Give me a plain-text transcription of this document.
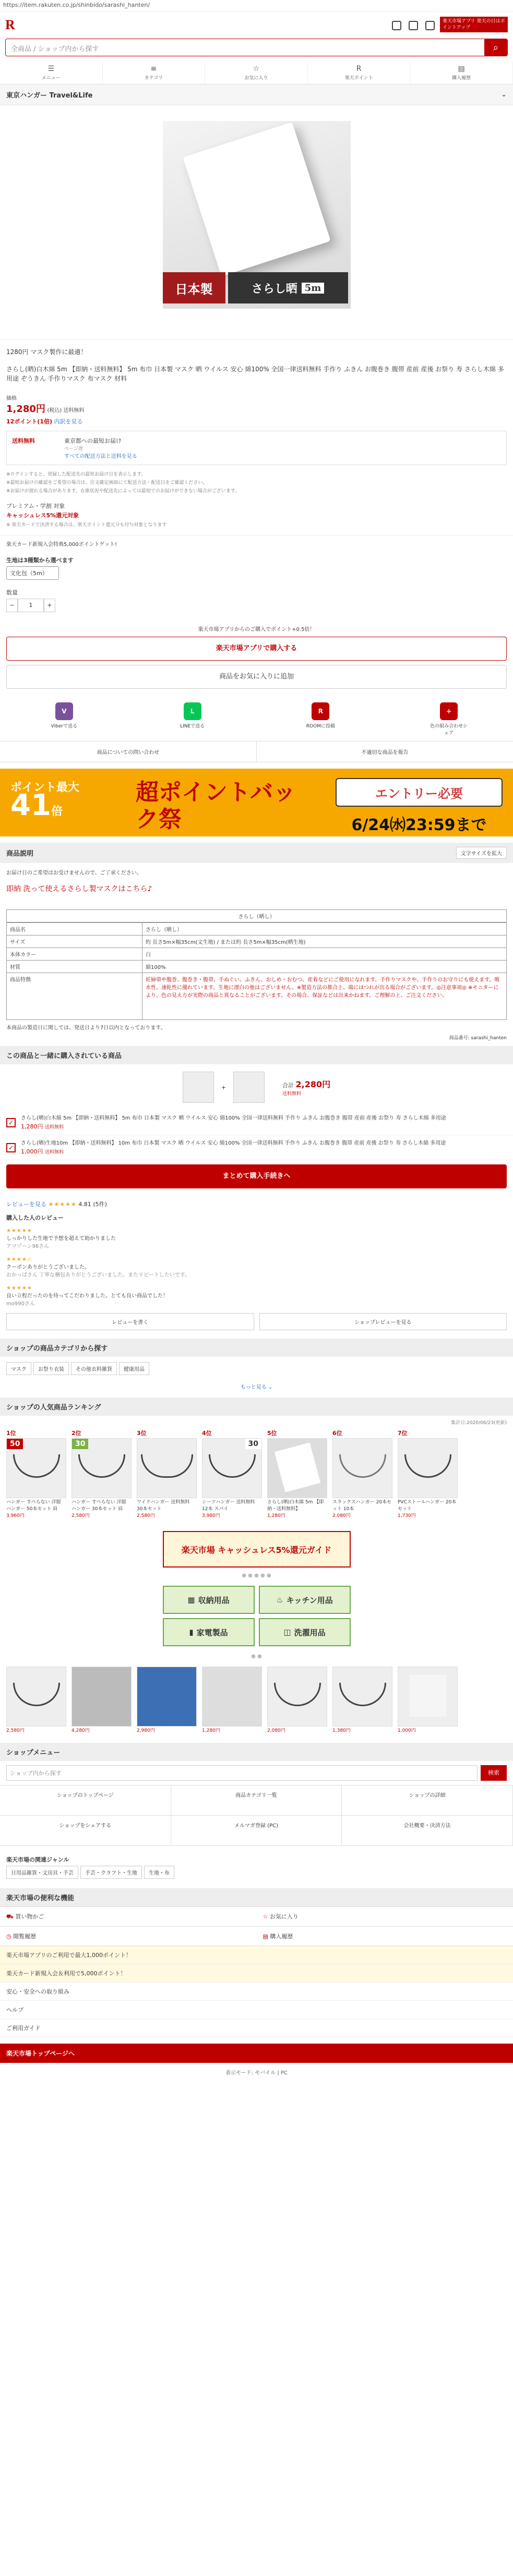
https://item.rakuten.co.jp/shinbido/sarashi_hanten/
R	楽天市場アプリ 楽天の日はポイントアップ
全商品 / ショップ内から探す	⌕
☰
メニュー
≡
カテゴリ
☆
お気に入り
R
楽天ポイント
▤
購入履歴
東京ハンガー Travel&Life	⌄
日本製	さらし晒 5m
1280円 マスク製作に最適！
さらし(晒)白木綿 5m 【即納・送料無料】 5m 布巾 日本製 マスク 晒 ウイルス 安心 綿100% 全国一律送料無料 手作り ふきん お腹巻き 腹帯 産前 産後 お祭り 寿 さらし木綿 多用途 ぞうきん 手作りマスク 布マスク 材料
価格
1,280円 (税込) 送料無料
12ポイント(1倍) 内訳を見る
送料無料	東京都への最短お届け
ページ遅
すべての配送方法と送料を見る
※ログインすると、登録した配送先の最短お届け日を表示します。
※最短お届けの確認をご希望の場合は、注文確定画面にて配送方法・配送日をご確認ください。
※お届けが遅れる場合があります。在庫状況や配送先によっては最短でのお届けができない場合がございます。
プレミアム・学割 対象
キャッシュレス5%還元対象
※ 楽天カードで決済する場合は、楽天ポイント還元分も付与対象となります
楽天カード新規入会特典5,000ポイントゲット!
生地は3種類から選べます
文化包（5m）
数量
−	1	+
楽天市場アプリからのご購入でポイント+0.5倍！
楽天市場アプリで購入する
商品をお気に入りに追加
V
Viberで送る
L
LINEで送る
R
ROOMに投稿
+
色の組み合わせシェア
商品についての問い合わせ	不適切な商品を報告
ポイント最大
41倍
超ポイントバック祭
エントリー必要
6/24㈬23:59まで
商品説明	文字サイズを拡大
お届け日のご希望はお受けませんので、ご了承ください。
即納 洗って使えるさらし製マスクはこちら♪
さらし（晒し）
商品名	さらし（晒し）
サイズ	約 長さ5m×幅35cm(文生地) / または約 長さ5m×幅35cm(晒生地)
本体カラー	白
材質	綿100%
商品特徴	妊婦帯や腹巻、腹巻き・腹帯、手ぬぐい、ふきん、おしめ・おむつ、産着などにご使用になれます。手作りマスクや、手作りのお守りにも使えます。吸水性、速乾性に優れています。生地に漂白の他はございません。※製造方法の都合上、端にほつれが出る場合がございます。◎注意事項◎ ※モニターにより、色の見え方が実際の商品と異なることがございます。その場合、保証などは出来かねます。ご理解の上、ご注文ください。
本商品の製造日に関しては、発送日より7日以内となっております。
商品番号: sarashi_hanten
この商品と一緒に購入されている商品
+	合計 2,280円
送料無料
✓
さらし(晒)白木綿 5m 【即納・送料無料】 5m 布巾 日本製 マスク 晒 ウイルス 安心 綿100% 全国一律送料無料 手作り ふきん お腹巻き 腹帯 産前 産後 お祭り 寿 さらし木綿 多用途
1,280円 送料無料
✓
さらし(晒)生地10m 【即納・送料無料】 10m 布巾 日本製 マスク 晒 ウイルス 安心 綿100% 全国一律送料無料 手作り ふきん お腹巻き 腹帯 産前 産後 お祭り 寿 さらし木綿 多用途
1,000円 送料無料
まとめて購入手続きへ
レビューを見る ★★★★★ 4.81 (5件)
購入した人のレビュー
★★★★★
しっかりした生地で予想を超えて助かりました
アマゾーン96さん
★★★★☆
クーポンありがとうございました。
おかっぱさん 丁寧な梱包ありがとうございました。またリピートしたいです。
★★★★★
良い立程だったのを待ってこだわりました。とても良い商品でした！
mo990さん
レビューを書く	ショップレビューを見る
ショップの商品カテゴリから探す
マスク お祭り衣装 その他衣料雑貨 健康用品
もっと見る ⌄
ショップの人気商品ランキング
集計日:2020/06/23(更新)
1位
50
ハンガー すべらない 洋服 ハンガー 50本セット 肩
3,960円
2位
30
ハンガー すべらない 洋服 ハンガー 30本セット 肩
2,580円
3位
ワイドハンガー 送料無料 30本セット
2,580円
4位
30
シーツハンガー 送料無料 12本 スパイ
3,980円
5位
さらし(晒)白木綿 5m 【即納・送料無料】
1,280円
6位
スラックスハンガー 20本セット 10本
2,080円
7位
PVCストールハンガー 20本セット
1,730円
楽天市場 キャッシュレス5%還元ガイド
● ● ● ● ●
▦ 収納用品	♨ キッチン用品
▮ 家電製品	◫ 洗濯用品
● ●
2,580円	4,280円	2,980円	1,280円	2,080円	1,380円	1,000円
ショップメニュー
ショップ内から探す	検索
ショップのトップページ	商品カテゴリ一覧	ショップの詳細
ショップをシェアする	メルマガ登録 (PC)	会社概要・決済方法
楽天市場の関連ジャンル
日用品雑貨・文房具・手芸 手芸・クラフト・生地 生地・布
楽天市場の便利な機能
⛟ 買い物かご	☆ お気に入り
◷ 閲覧履歴	▤ 購入履歴
楽天市場アプリのご利用で最大1,000ポイント！
楽天カード新規入会＆利用で5,000ポイント！
安心・安全への取り組み
ヘルプ
ご利用ガイド
楽天市場トップページへ
表示モード: モバイル | PC
